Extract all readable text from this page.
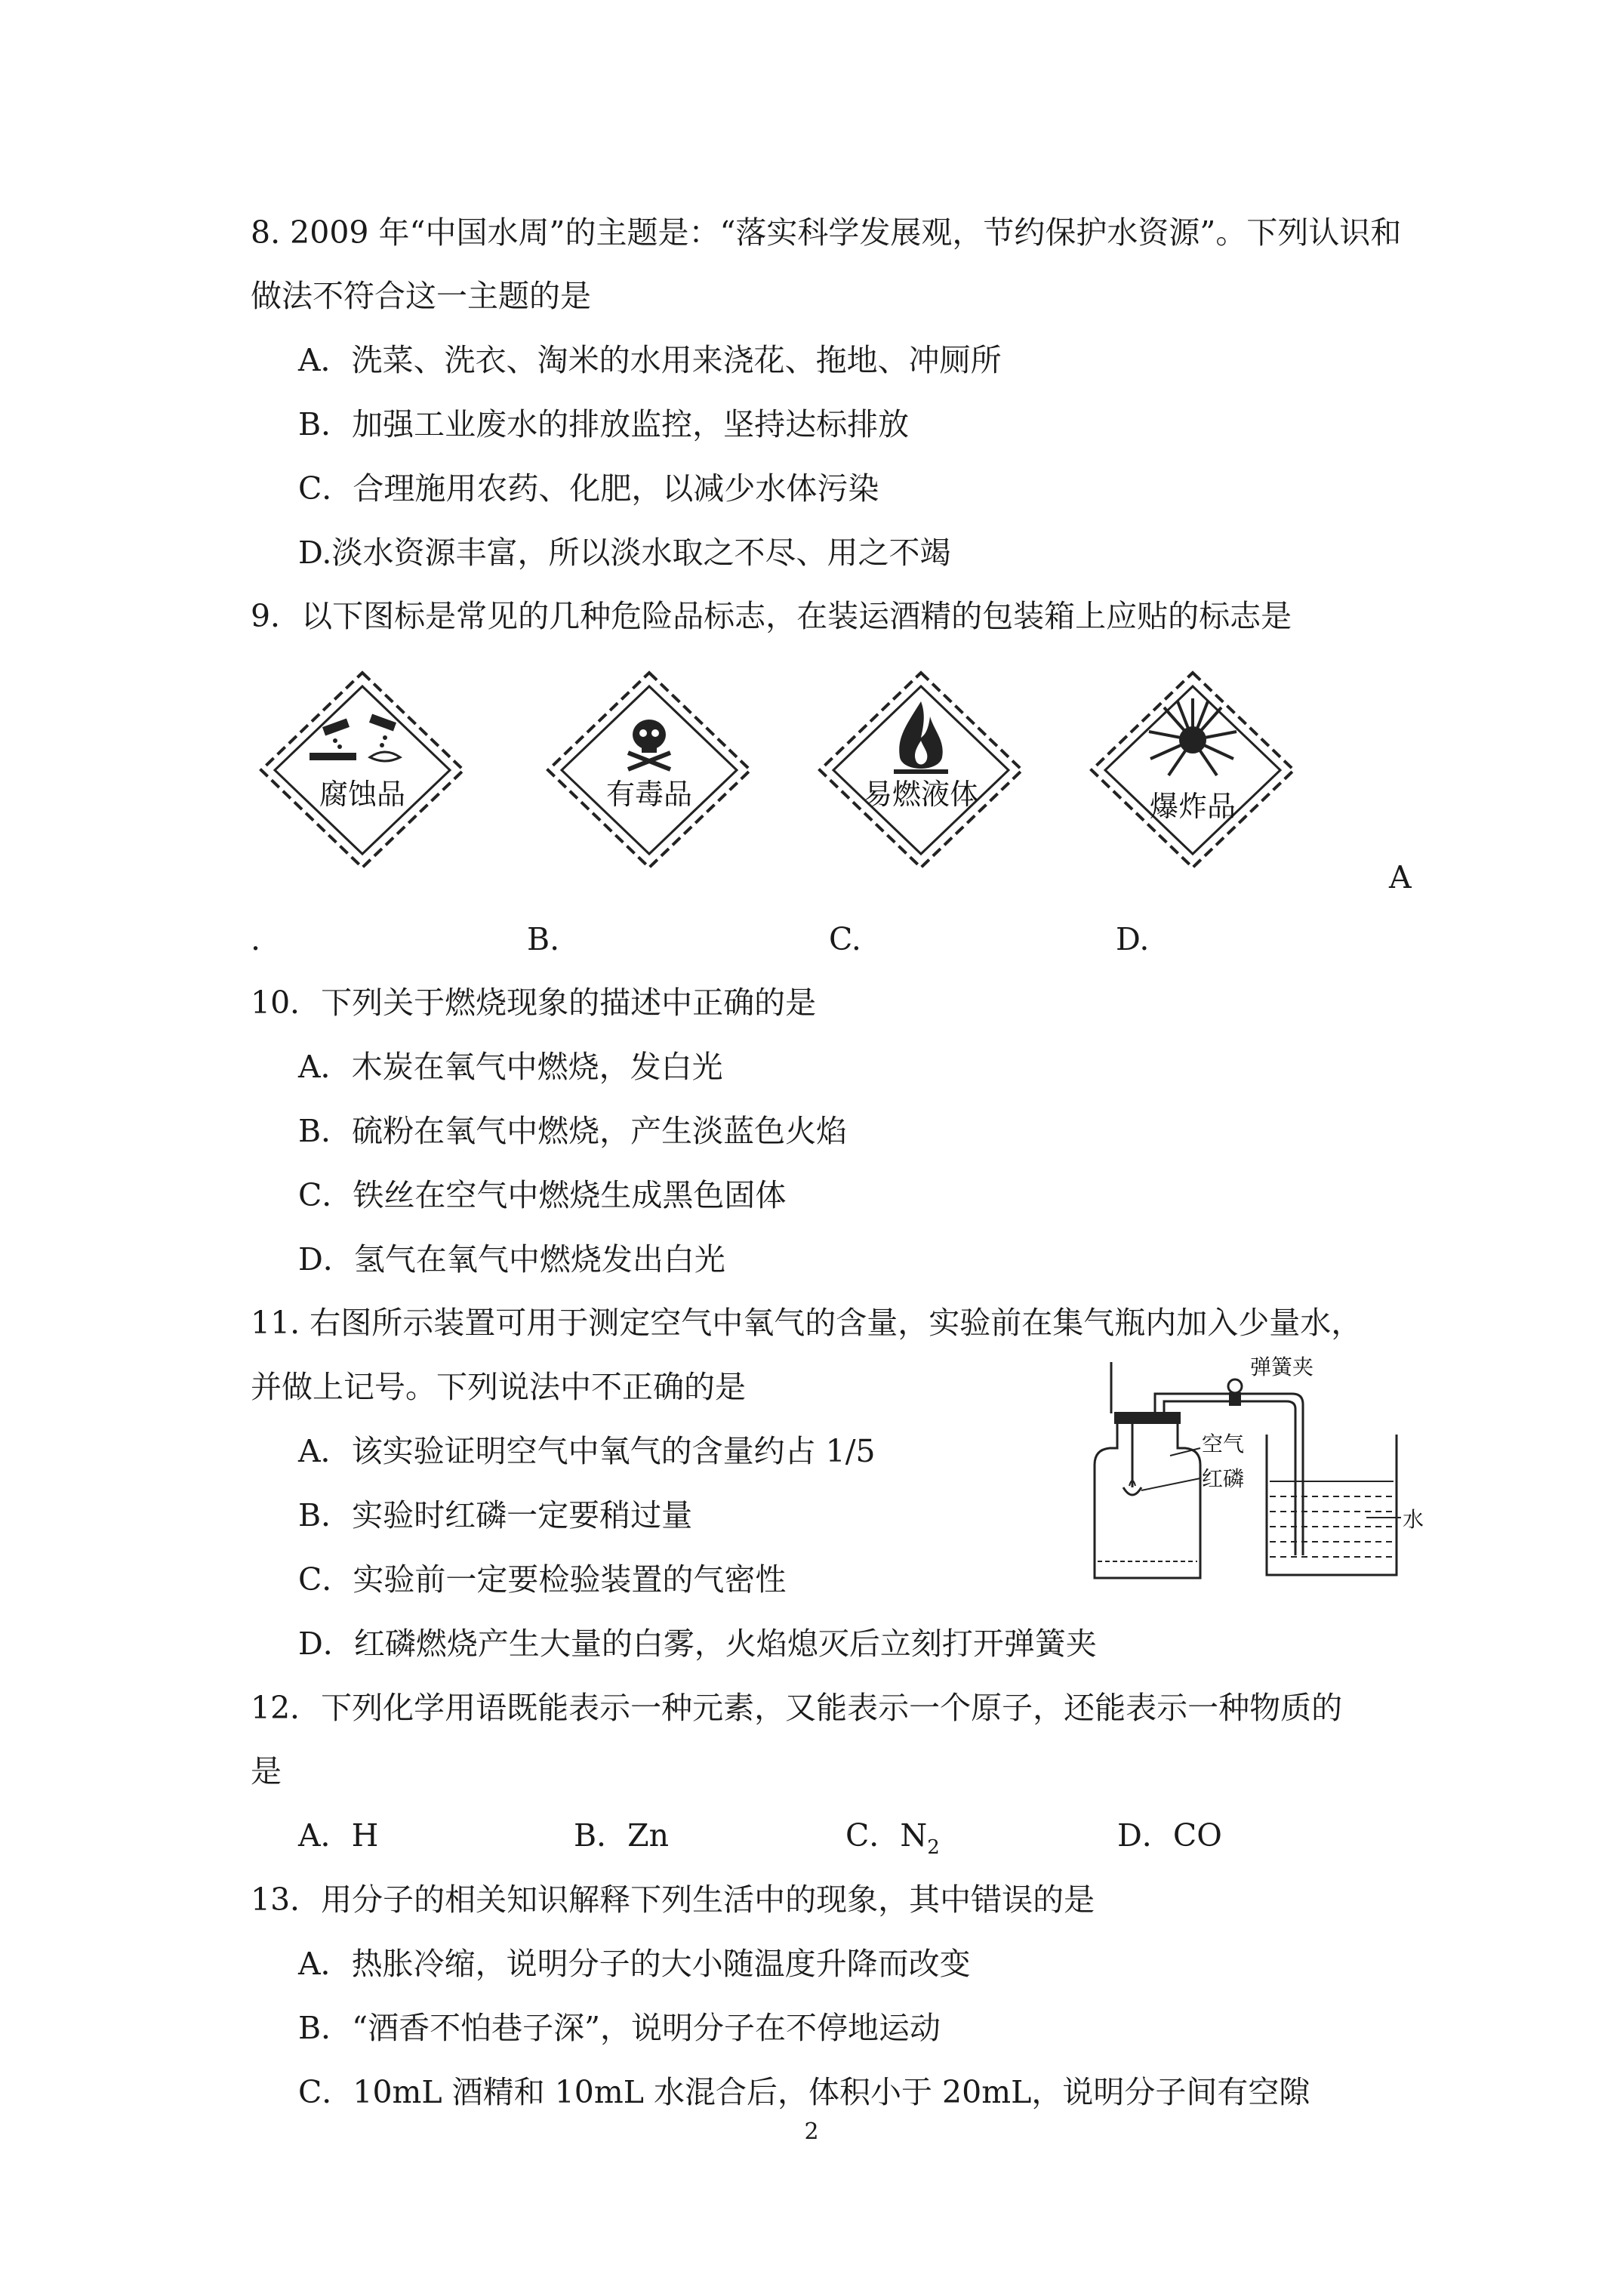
8. 2009 年“中国水周”的主题是：“落实科学发展观，节约保护水资源”。下列认识和
做法不符合这一主题的是
A．洗菜、洗衣、淘米的水用来浇花、拖地、冲厕所
B．加强工业废水的排放监控，坚持达标排放
C．合理施用农药、化肥，以减少水体污染
D.淡水资源丰富，所以淡水取之不尽、用之不竭
9．以下图标是常见的几种危险品标志，在装运酒精的包装箱上应贴的标志是
腐蚀品	有毒品	易燃液体	爆炸品
A
.	B.	C.	D.
10．下列关于燃烧现象的描述中正确的是
A．木炭在氧气中燃烧，发白光
B．硫粉在氧气中燃烧，产生淡蓝色火焰
C．铁丝在空气中燃烧生成黑色固体
D．氢气在氧气中燃烧发出白光
11. 右图所示装置可用于测定空气中氧气的含量，实验前在集气瓶内加入少量水，
并做上记号。下列说法中不正确的是
A．该实验证明空气中氧气的含量约占 1/5
B．实验时红磷一定要稍过量
C．实验前一定要检验装置的气密性
D．红磷燃烧产生大量的白雾，火焰熄灭后立刻打开弹簧夹
弹簧夹
空气
红磷
水
12．下列化学用语既能表示一种元素，又能表示一个原子，还能表示一种物质的
是
A．H	B．Zn	C．$N_2$	D．CO
13．用分子的相关知识解释下列生活中的现象，其中错误的是
A．热胀冷缩，说明分子的大小随温度升降而改变
B．“酒香不怕巷子深”，说明分子在不停地运动
C．10mL 酒精和 10mL 水混合后，体积小于 20mL，说明分子间有空隙
2
